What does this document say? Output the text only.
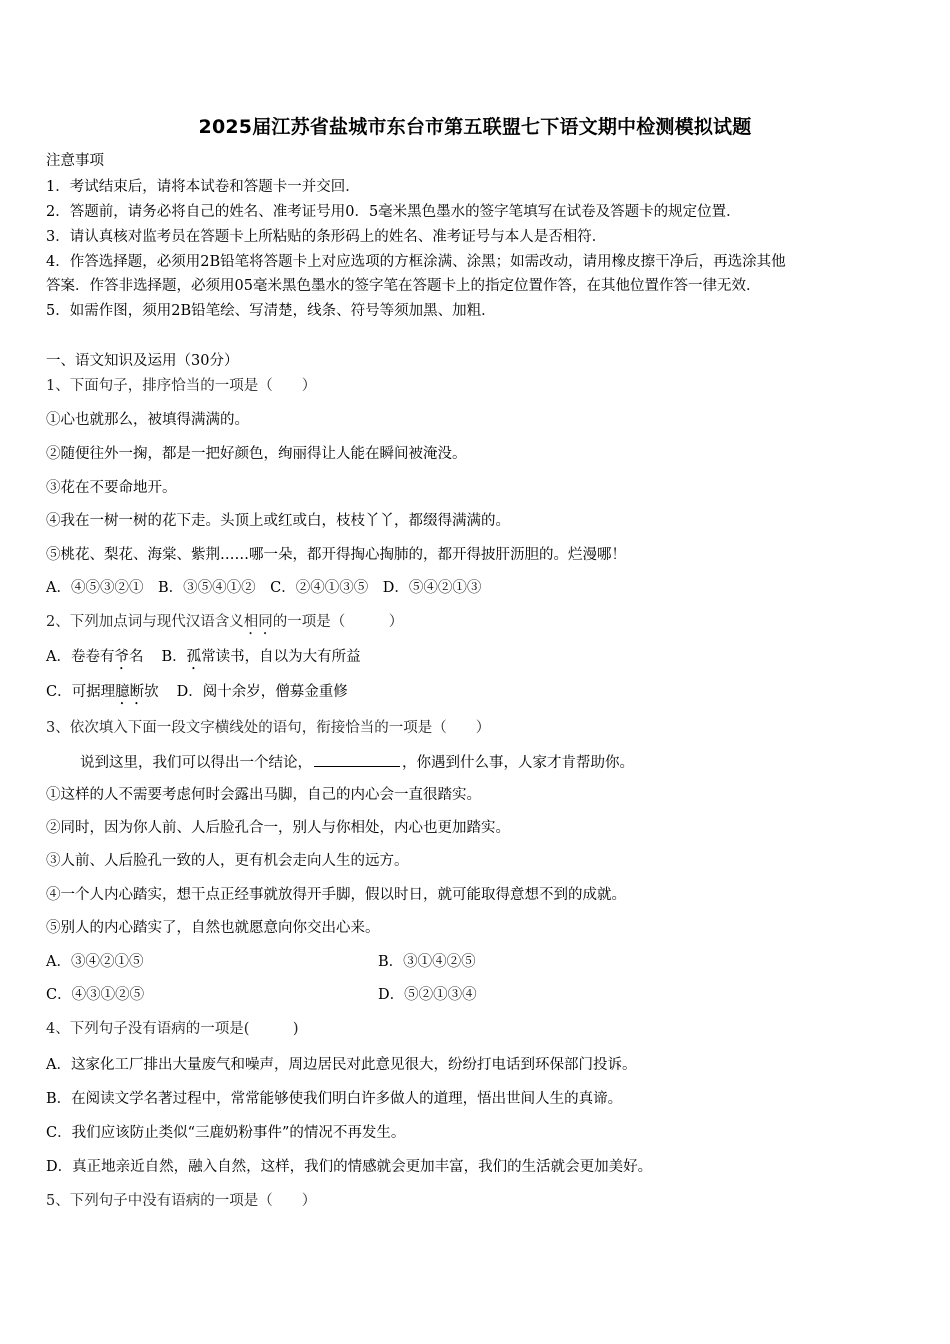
2025届江苏省盐城市东台市第五联盟七下语文期中检测模拟试题
注意事项
1．考试结束后，请将本试卷和答题卡一并交回．
2．答题前，请务必将自己的姓名、准考证号用0．5毫米黑色墨水的签字笔填写在试卷及答题卡的规定位置．
3．请认真核对监考员在答题卡上所粘贴的条形码上的姓名、准考证号与本人是否相符．
4．作答选择题，必须用2B铅笔将答题卡上对应选项的方框涂满、涂黑；如需改动，请用橡皮擦干净后，再选涂其他
答案．作答非选择题，必须用05毫米黑色墨水的签字笔在答题卡上的指定位置作答，在其他位置作答一律无效．
5．如需作图，须用2B铅笔绘、写清楚，线条、符号等须加黑、加粗．
一、语文知识及运用（30分）
1、下面句子，排序恰当的一项是（　　）
①心也就那么，被填得满满的。
②随便往外一掬，都是一把好颜色，绚丽得让人能在瞬间被淹没。
③花在不要命地开。
④我在一树一树的花下走。头顶上或红或白，枝枝丫丫，都缀得满满的。
⑤桃花、梨花、海棠、紫荆……哪一朵，都开得掏心掏肺的，都开得披肝沥胆的。烂漫哪！
A．④⑤③②①　B．③⑤④①②　C．②④①③⑤　D．⑤④②①③
2、下列加点词与现代汉语含义相同的一项是（　　　）
A．卷卷有爷名 B．孤常读书，自以为大有所益
C．可据理臆断欤 D．阅十余岁，僧募金重修
3、依次填入下面一段文字横线处的语句，衔接恰当的一项是（　　）
说到这里，我们可以得出一个结论，	，你遇到什么事，人家才肯帮助你。
①这样的人不需要考虑何时会露出马脚，自己的内心会一直很踏实。
②同时，因为你人前、人后脸孔合一，别人与你相处，内心也更加踏实。
③人前、人后脸孔一致的人，更有机会走向人生的远方。
④一个人内心踏实，想干点正经事就放得开手脚，假以时日，就可能取得意想不到的成就。
⑤别人的内心踏实了，自然也就愿意向你交出心来。
A．③④②①⑤	B．③①④②⑤
C．④③①②⑤	D．⑤②①③④
4、下列句子没有语病的一项是(　　　)
A．这家化工厂排出大量废气和噪声，周边居民对此意见很大，纷纷打电话到环保部门投诉。
B．在阅读文学名著过程中，常常能够使我们明白许多做人的道理，悟出世间人生的真谛。
C．我们应该防止类似“三鹿奶粉事件”的情况不再发生。
D．真正地亲近自然，融入自然，这样，我们的情感就会更加丰富，我们的生活就会更加美好。
5、下列句子中没有语病的一项是（　　）
